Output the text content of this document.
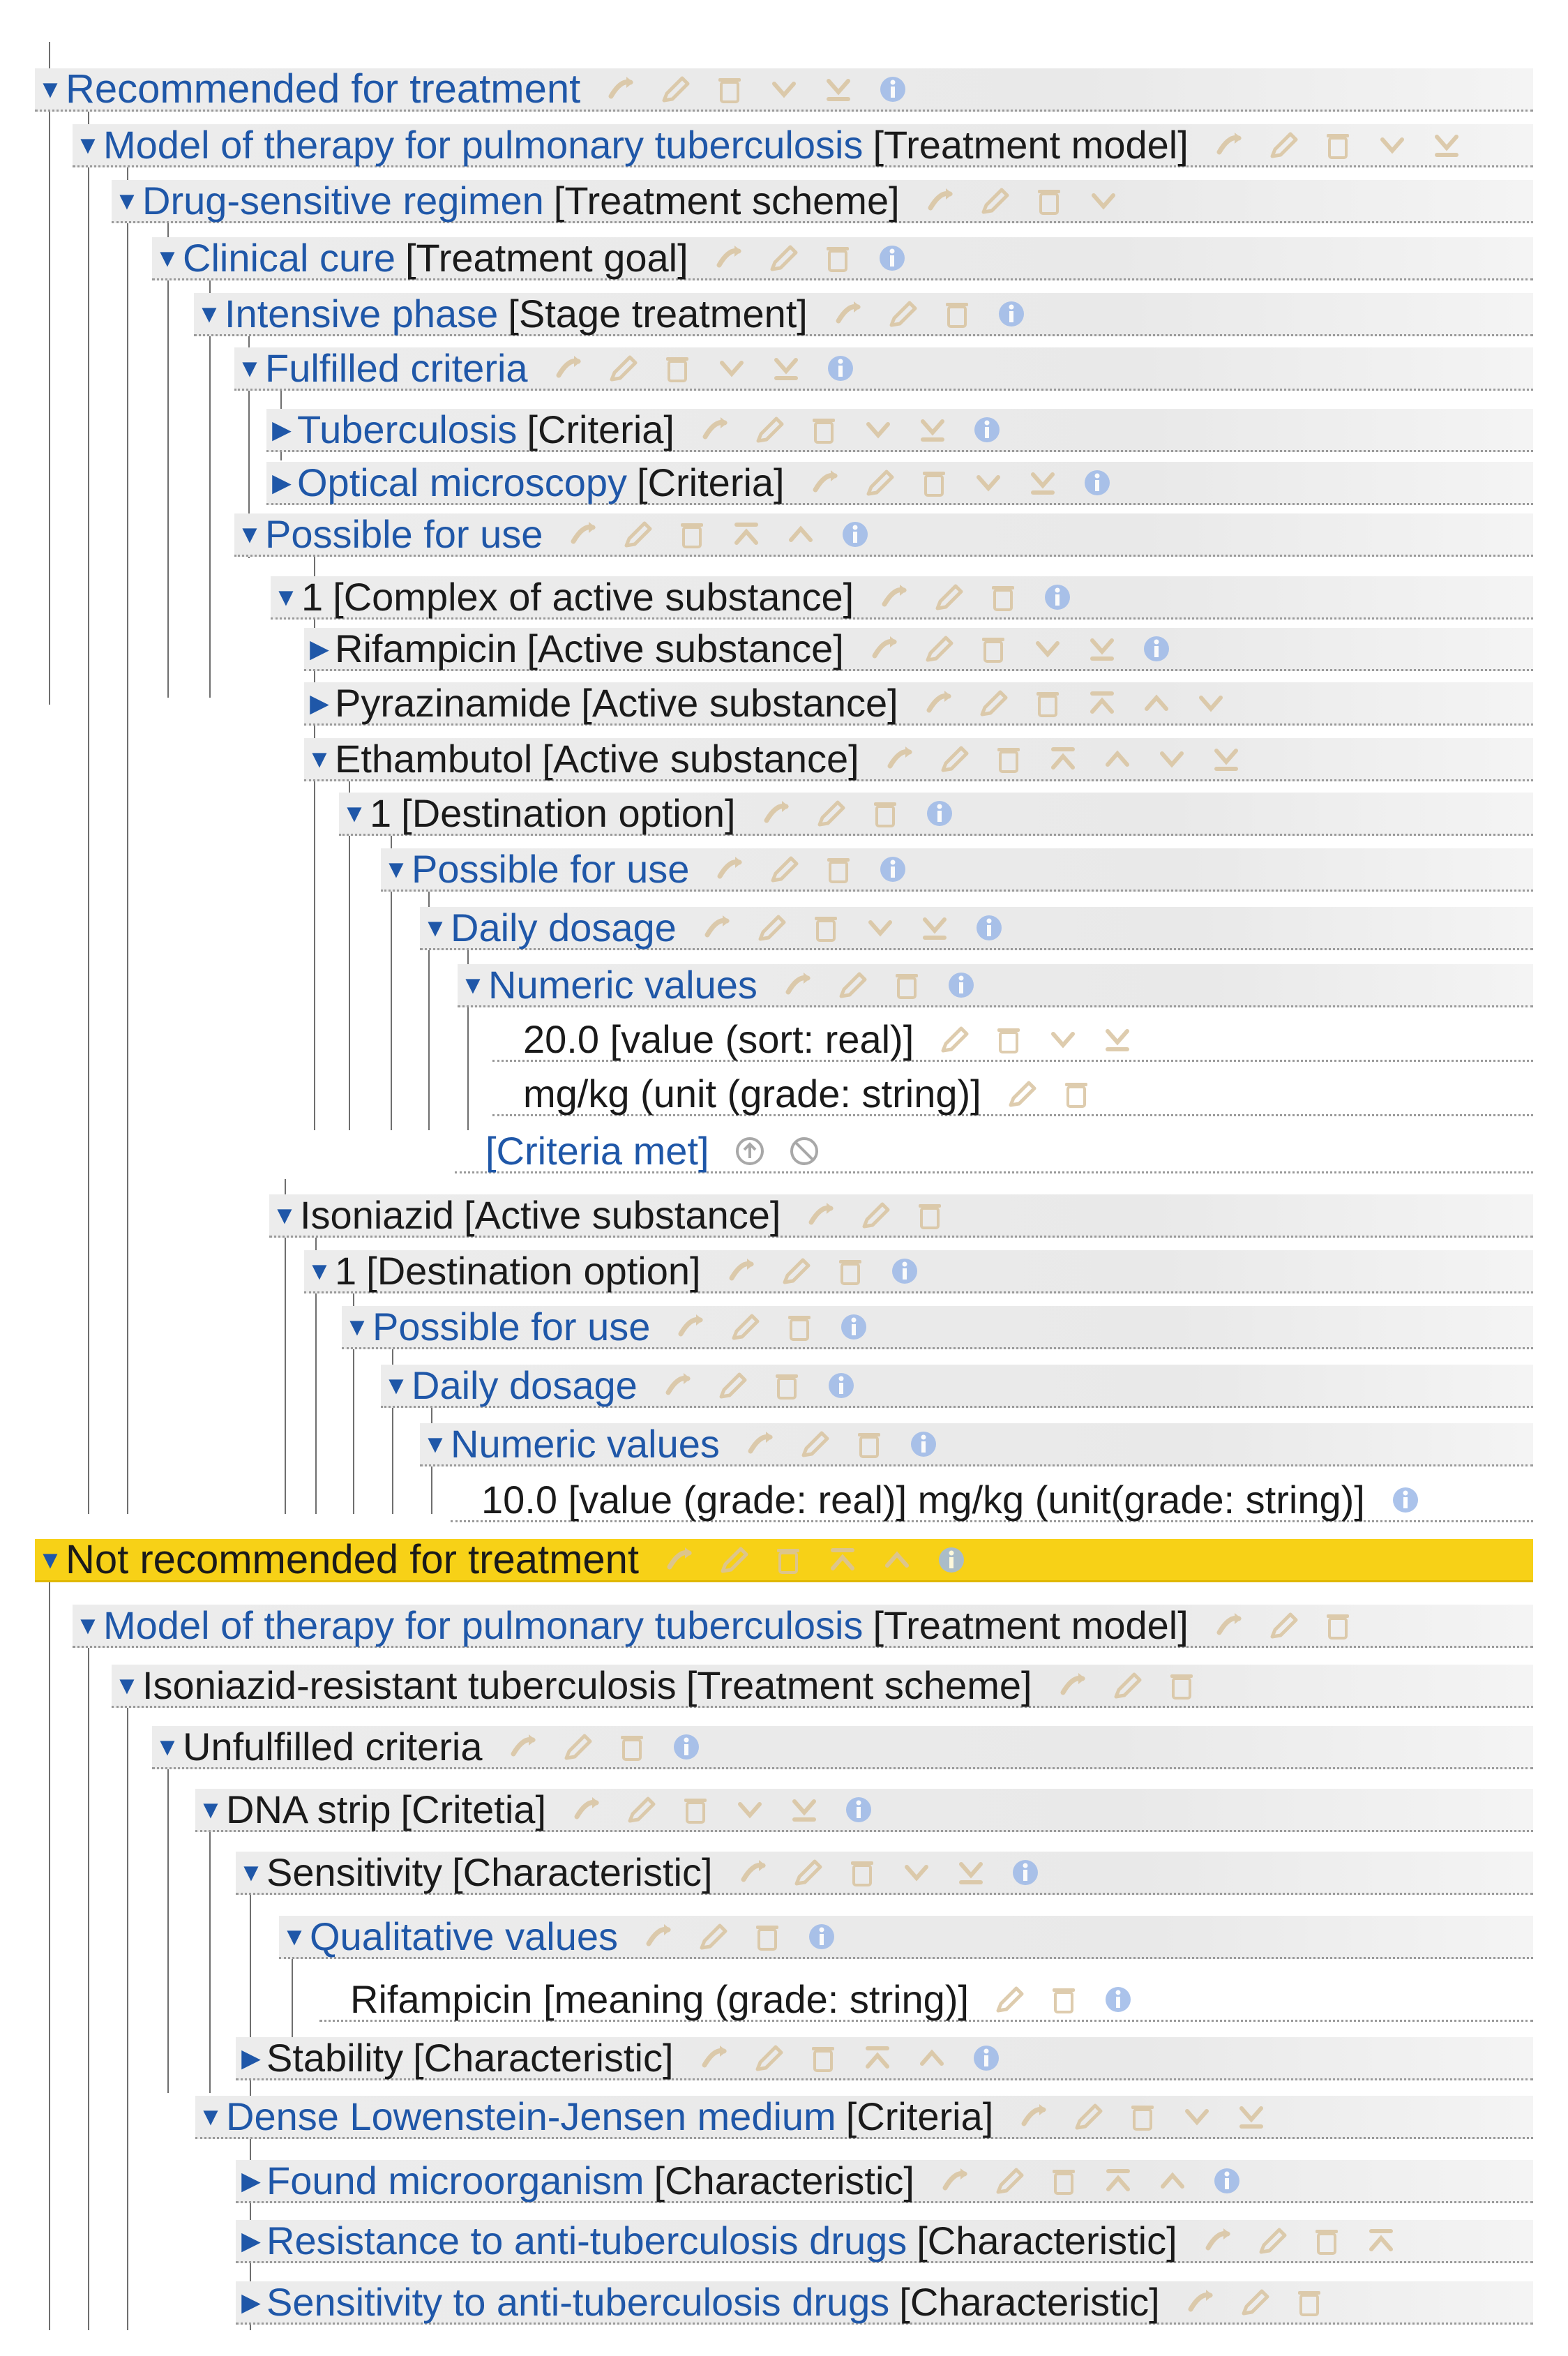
▼ Recommended for treatment
▼ Model of therapy for pulmonary tuberculosis [Treatment model]
▼ Drug-sensitive regimen [Treatment scheme]
▼ Clinical cure [Treatment goal]
▼ Intensive phase [Stage treatment]
▼ Fulfilled criteria
▶ Tuberculosis [Criteria]
▶ Optical microscopy [Criteria]
▼ Possible for use
▼ 1 [Complex of active substance]
▶ Rifampicin [Active substance]
▶ Pyrazinamide [Active substance]
▼ Ethambutol [Active substance]
▼ 1 [Destination option]
▼ Possible for use
▼ Daily dosage
▼ Numeric values
20.0 [value (sort: real)]
mg/kg (unit (grade: string)]
[Criteria met]
▼ Isoniazid [Active substance]
▼ 1 [Destination option]
▼ Possible for use
▼ Daily dosage
▼ Numeric values
10.0 [value (grade: real)] mg/kg (unit(grade: string)]
▼ Not recommended for treatment
▼ Model of therapy for pulmonary tuberculosis [Treatment model]
▼ Isoniazid-resistant tuberculosis [Treatment scheme]
▼ Unfulfilled criteria
▼ DNA strip [Critetia]
▼ Sensitivity [Characteristic]
▼ Qualitative values
Rifampicin [meaning (grade: string)]
▶ Stability [Characteristic]
▼ Dense Lowenstein-Jensen medium [Criteria]
▶ Found microorganism [Characteristic]
▶ Resistance to anti-tuberculosis drugs [Characteristic]
▶ Sensitivity to anti-tuberculosis drugs [Characteristic]
